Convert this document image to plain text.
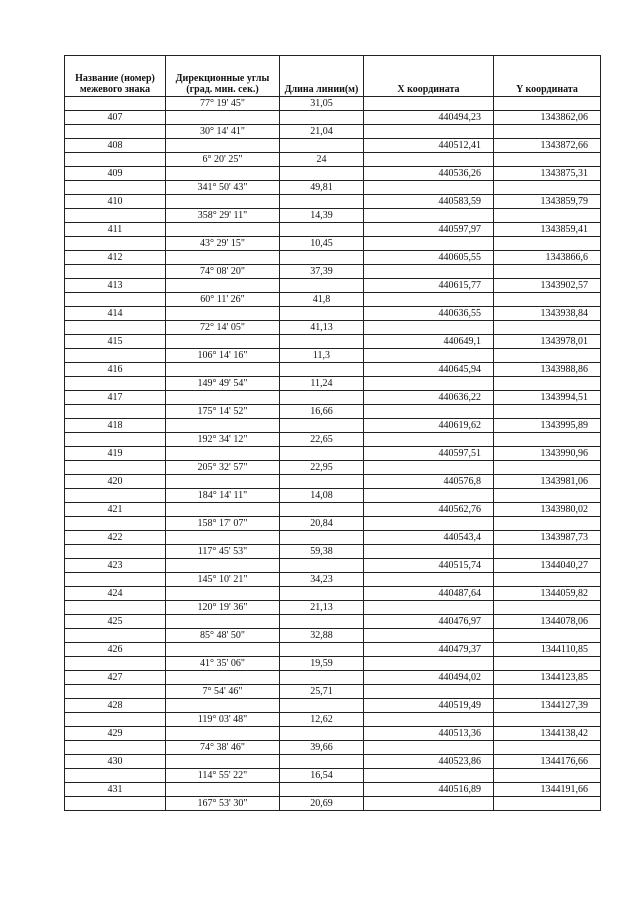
Название (номер) межевого знака	Дирекционные углы (град. мин. сек.)	Длина линии(м)	X координата	Y координата
	77° 19' 45"	31,05		
407			440494,23	1343862,06
	30° 14' 41"	21,04		
408			440512,41	1343872,66
	6° 20' 25"	24		
409			440536,26	1343875,31
	341° 50' 43"	49,81		
410			440583,59	1343859,79
	358° 29' 11"	14,39		
411			440597,97	1343859,41
	43° 29' 15"	10,45		
412			440605,55	1343866,6
	74° 08' 20"	37,39		
413			440615,77	1343902,57
	60° 11' 26"	41,8		
414			440636,55	1343938,84
	72° 14' 05"	41,13		
415			440649,1	1343978,01
	106° 14' 16"	11,3		
416			440645,94	1343988,86
	149° 49' 54"	11,24		
417			440636,22	1343994,51
	175° 14' 52"	16,66		
418			440619,62	1343995,89
	192° 34' 12"	22,65		
419			440597,51	1343990,96
	205° 32' 57"	22,95		
420			440576,8	1343981,06
	184° 14' 11"	14,08		
421			440562,76	1343980,02
	158° 17' 07"	20,84		
422			440543,4	1343987,73
	117° 45' 53"	59,38		
423			440515,74	1344040,27
	145° 10' 21"	34,23		
424			440487,64	1344059,82
	120° 19' 36"	21,13		
425			440476,97	1344078,06
	85° 48' 50"	32,88		
426			440479,37	1344110,85
	41° 35' 06"	19,59		
427			440494,02	1344123,85
	7° 54' 46"	25,71		
428			440519,49	1344127,39
	119° 03' 48"	12,62		
429			440513,36	1344138,42
	74° 38' 46"	39,66		
430			440523,86	1344176,66
	114° 55' 22"	16,54		
431			440516,89	1344191,66
	167° 53' 30"	20,69		
